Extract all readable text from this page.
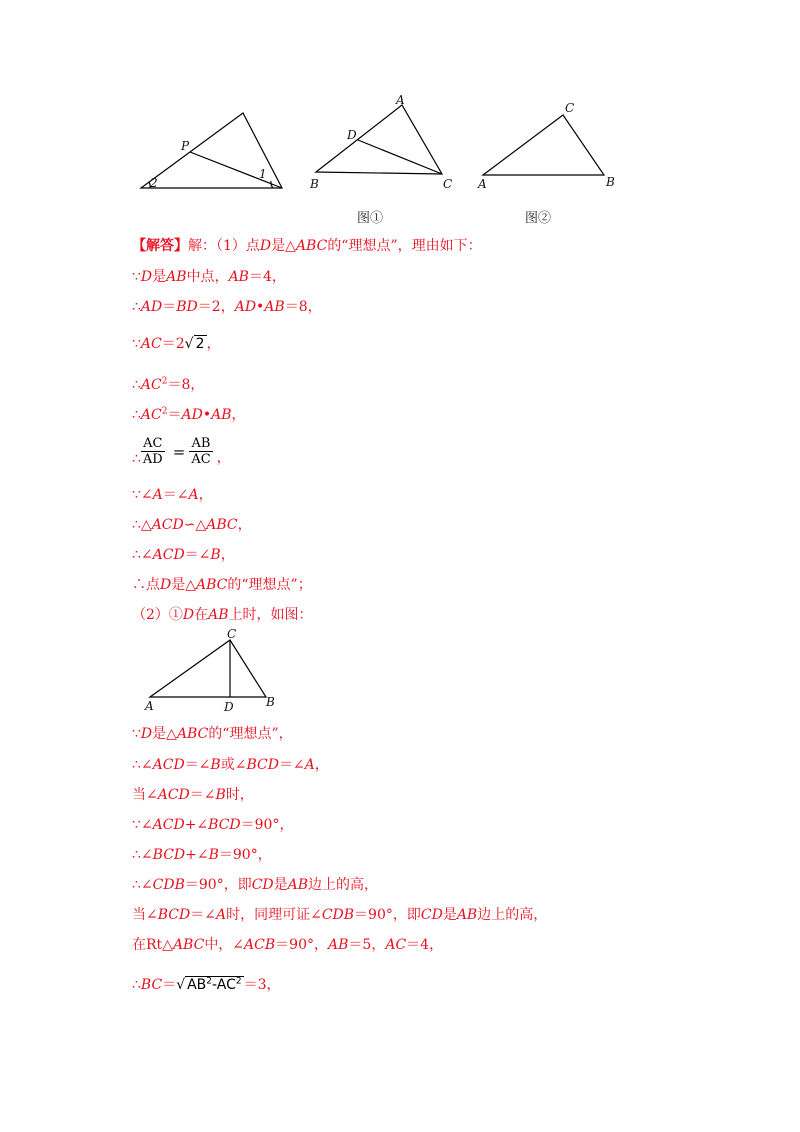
P
1
2
A
D
B	C
C
A	B
C
A	D	B
图①	图②
【解答】解：（1）点D是△ABC的“理想点”，理由如下：
∵D是AB中点，AB＝4，
∴AD＝BD＝2，AD•AB＝8，
∵AC＝2√ 2 ，
$\therefore AC^2=8$，
$\therefore AC^2=AD•AB$，
∴ $\frac{AC}{AD} = \frac{AB}{AC}$ ，
∵∠A＝∠A，
∴△ACD∽△ABC，
∴∠ACD＝∠B，
∴点D是△ABC的“理想点”；
（2）①D在AB上时，如图：
∵D是△ABC的“理想点”，
∴∠ACD＝∠B或∠BCD＝∠A，
当∠ACD＝∠B时，
∵∠ACD+∠BCD＝90°，
∴∠BCD+∠B＝90°，
∴∠CDB＝90°，即CD是AB边上的高，
当∠BCD＝∠A时，同理可证∠CDB＝90°，即CD是AB边上的高，
在Rt△ABC中，∠ACB＝90°，AB＝5，AC＝4，
∴BC＝√ $AB^2-AC^2 =3$，
